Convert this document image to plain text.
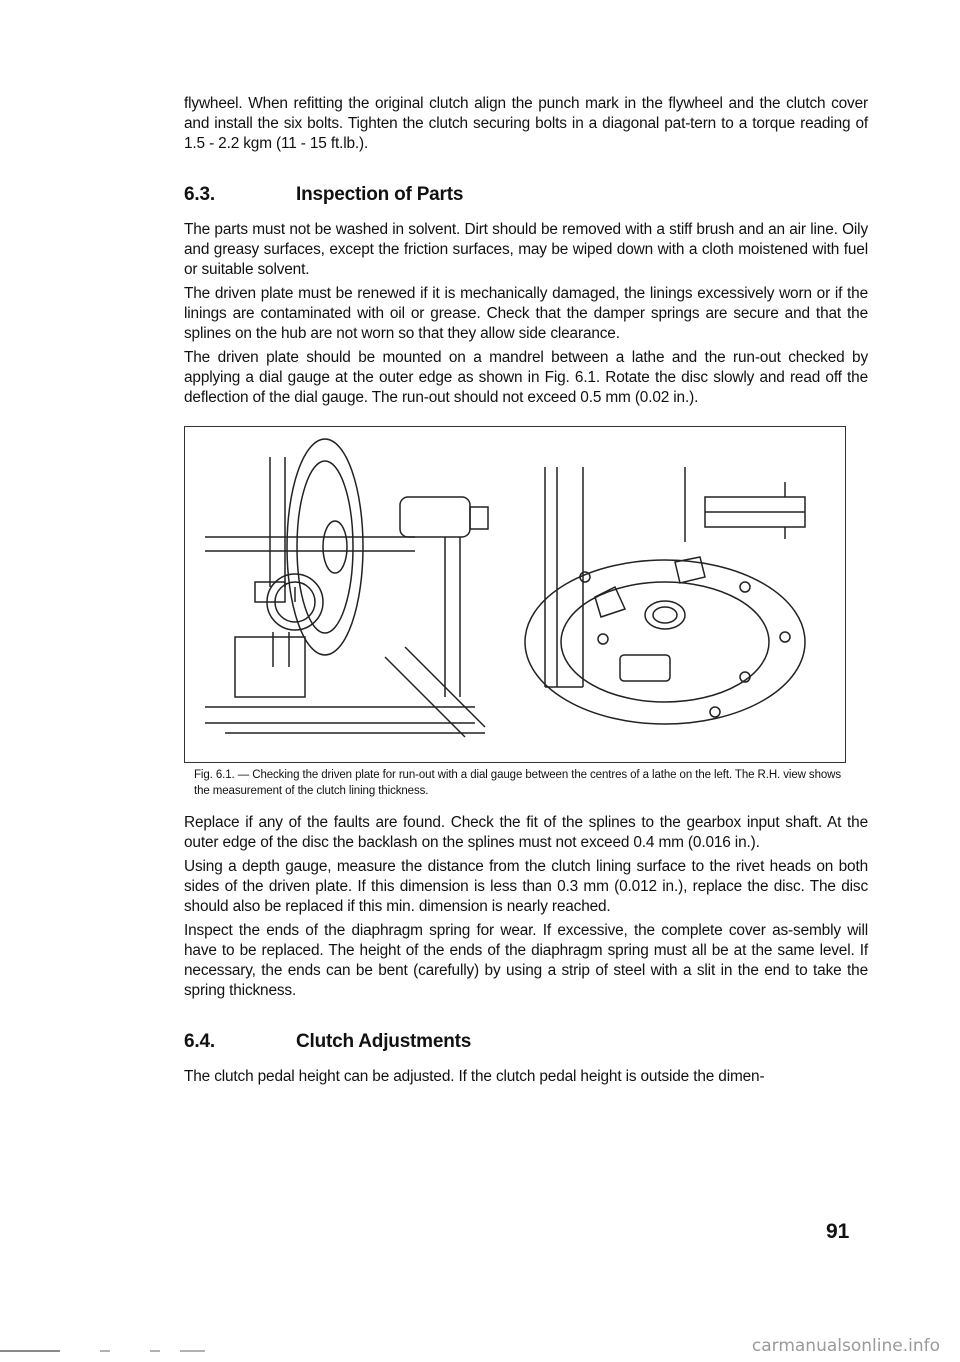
flywheel. When refitting the original clutch align the punch mark in the flywheel and the clutch cover and install the six bolts. Tighten the clutch securing bolts in a diagonal pat-tern to a torque reading of 1.5 - 2.2 kgm (11 - 15 ft.lb.).

6.3.	Inspection of Parts

The parts must not be washed in solvent. Dirt should be removed with a stiff brush and an air line. Oily and greasy surfaces, except the friction surfaces, may be wiped down with a cloth moistened with fuel or suitable solvent.

The driven plate must be renewed if it is mechanically damaged, the linings excessively worn or if the linings are contaminated with oil or grease. Check that the damper springs are secure and that the splines on the hub are not worn so that they allow side clearance.

The driven plate should be mounted on a mandrel between a lathe and the run-out checked by applying a dial gauge at the outer edge as shown in Fig. 6.1. Rotate the disc slowly and read off the deflection of the dial gauge. The run-out should not exceed 0.5 mm (0.02 in.).

Fig. 6.1. — Checking the driven plate for run-out with a dial gauge between the centres of a lathe on the left. The R.H. view shows the measurement of the clutch lining thickness.

Replace if any of the faults are found. Check the fit of the splines to the gearbox input shaft. At the outer edge of the disc the backlash on the splines must not exceed 0.4 mm (0.016 in.).

Using a depth gauge, measure the distance from the clutch lining surface to the rivet heads on both sides of the driven plate. If this dimension is less than 0.3 mm (0.012 in.), replace the disc. The disc should also be replaced if this min. dimension is nearly reached.

Inspect the ends of the diaphragm spring for wear. If excessive, the complete cover as-sembly will have to be replaced. The height of the ends of the diaphragm spring must all be at the same level. If necessary, the ends can be bent (carefully) by using a strip of steel with a slit in the end to take the spring thickness.

6.4.	Clutch Adjustments

The clutch pedal height can be adjusted. If the clutch pedal height is outside the dimen-

91
carmanualsonline.info
